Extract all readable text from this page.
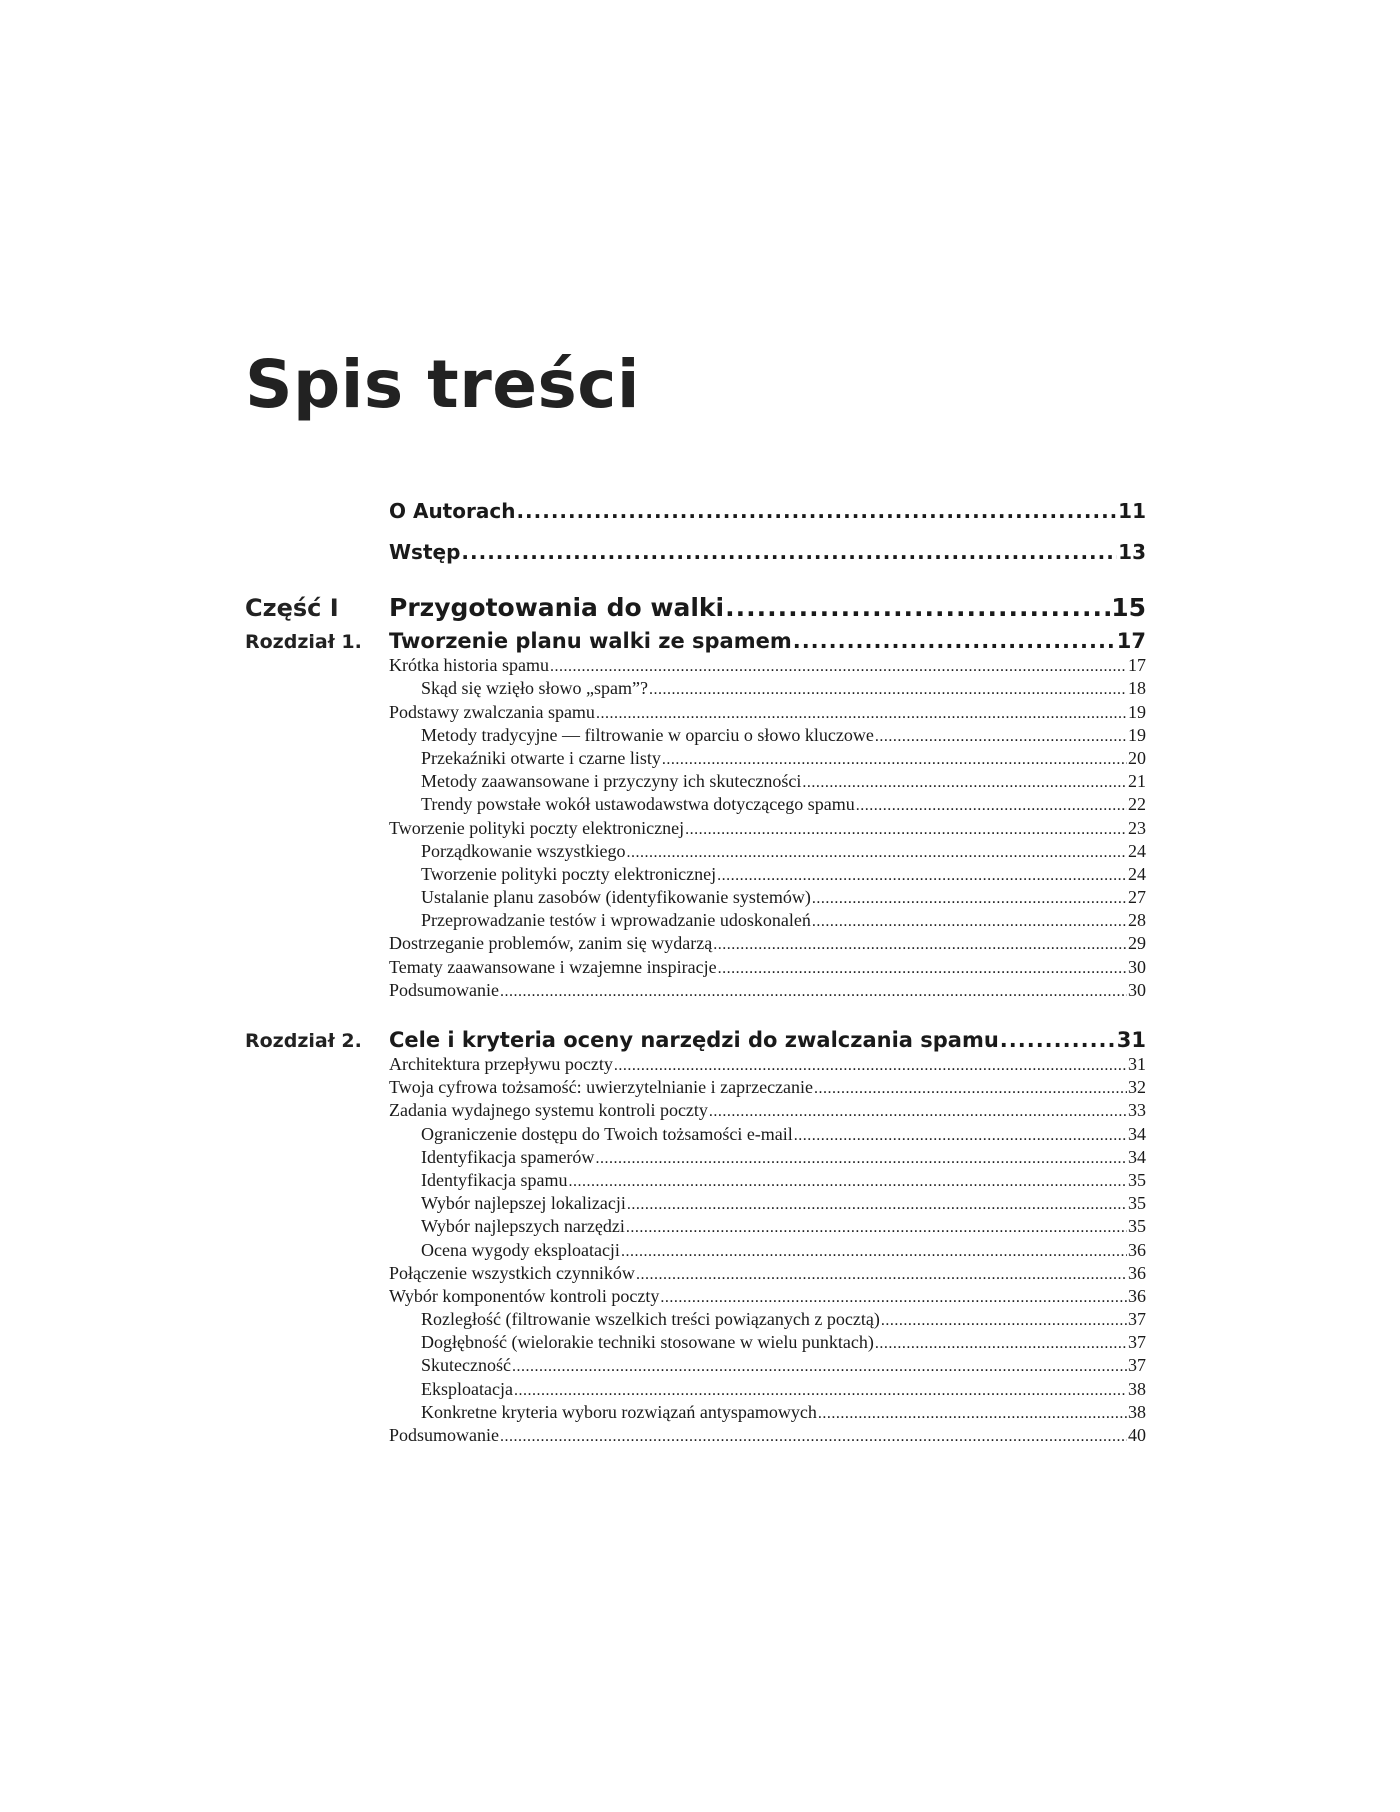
Spis treści
O Autorach .....	11
Wstęp .....	13
Część I Przygotowania do walki .....	15
Rozdział 1. Tworzenie planu walki ze spamem .....	17
Krótka historia spamu .....	17
Skąd się wzięło słowo „spam”? .....	18
Podstawy zwalczania spamu .....	19
Metody tradycyjne — filtrowanie w oparciu o słowo kluczowe .....	19
Przekaźniki otwarte i czarne listy .....	20
Metody zaawansowane i przyczyny ich skuteczności .....	21
Trendy powstałe wokół ustawodawstwa dotyczącego spamu .....	22
Tworzenie polityki poczty elektronicznej .....	23
Porządkowanie wszystkiego .....	24
Tworzenie polityki poczty elektronicznej .....	24
Ustalanie planu zasobów (identyfikowanie systemów) .....	27
Przeprowadzanie testów i wprowadzanie udoskonaleń .....	28
Dostrzeganie problemów, zanim się wydarzą .....	29
Tematy zaawansowane i wzajemne inspiracje .....	30
Podsumowanie .....	30
Rozdział 2. Cele i kryteria oceny narzędzi do zwalczania spamu .....	31
Architektura przepływu poczty .....	31
Twoja cyfrowa tożsamość: uwierzytelnianie i zaprzeczanie .....	32
Zadania wydajnego systemu kontroli poczty .....	33
Ograniczenie dostępu do Twoich tożsamości e-mail .....	34
Identyfikacja spamerów .....	34
Identyfikacja spamu .....	35
Wybór najlepszej lokalizacji .....	35
Wybór najlepszych narzędzi .....	35
Ocena wygody eksploatacji .....	36
Połączenie wszystkich czynników .....	36
Wybór komponentów kontroli poczty .....	36
Rozległość (filtrowanie wszelkich treści powiązanych z pocztą) .....	37
Dogłębność (wielorakie techniki stosowane w wielu punktach) .....	37
Skuteczność .....	37
Eksploatacja .....	38
Konkretne kryteria wyboru rozwiązań antyspamowych .....	38
Podsumowanie .....	40
